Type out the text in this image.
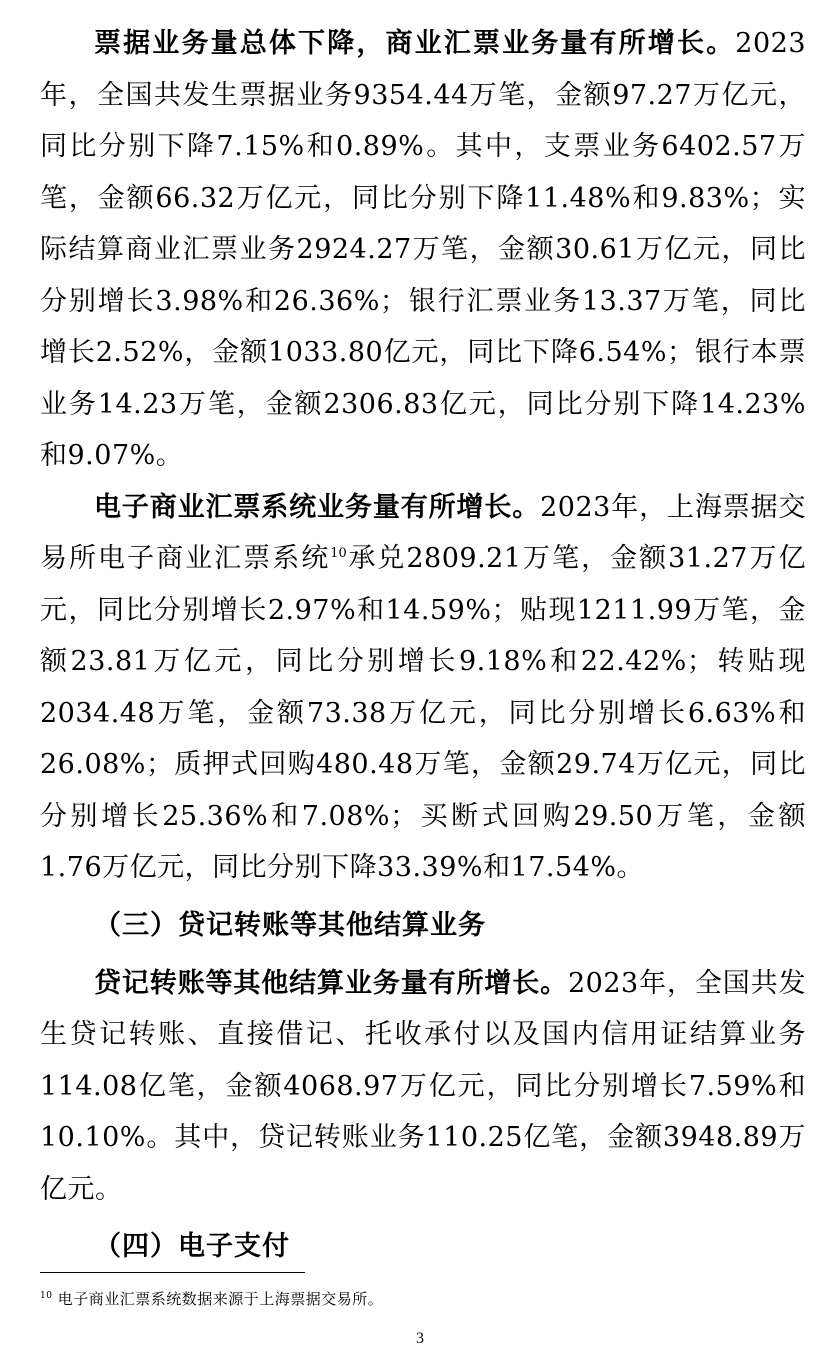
票据业务量总体下降，商业汇票业务量有所增长。2023年，全国共发生票据业务9354.44万笔，金额97.27万亿元，同比分别下降7.15%和0.89%。其中，支票业务6402.57万笔，金额66.32万亿元，同比分别下降11.48%和9.83%；实际结算商业汇票业务2924.27万笔，金额30.61万亿元，同比分别增长3.98%和26.36%；银行汇票业务13.37万笔，同比增长2.52%，金额1033.80亿元，同比下降6.54%；银行本票业务14.23万笔，金额2306.83亿元，同比分别下降14.23%和9.07%。

电子商业汇票系统业务量有所增长。2023年，上海票据交易所电子商业汇票系统$^{10}$承兑2809.21万笔，金额31.27万亿元，同比分别增长2.97%和14.59%；贴现1211.99万笔，金额23.81万亿元，同比分别增长9.18%和22.42%；转贴现2034.48万笔，金额73.38万亿元，同比分别增长6.63%和26.08%；质押式回购480.48万笔，金额29.74万亿元，同比分别增长25.36%和7.08%；买断式回购29.50万笔，金额1.76万亿元，同比分别下降33.39%和17.54%。

（三）贷记转账等其他结算业务

贷记转账等其他结算业务量有所增长。2023年，全国共发生贷记转账、直接借记、托收承付以及国内信用证结算业务114.08亿笔，金额4068.97万亿元，同比分别增长7.59%和10.10%。其中，贷记转账业务110.25亿笔，金额3948.89万亿元。

（四）电子支付
$^{10}$ 电子商业汇票系统数据来源于上海票据交易所。
3
